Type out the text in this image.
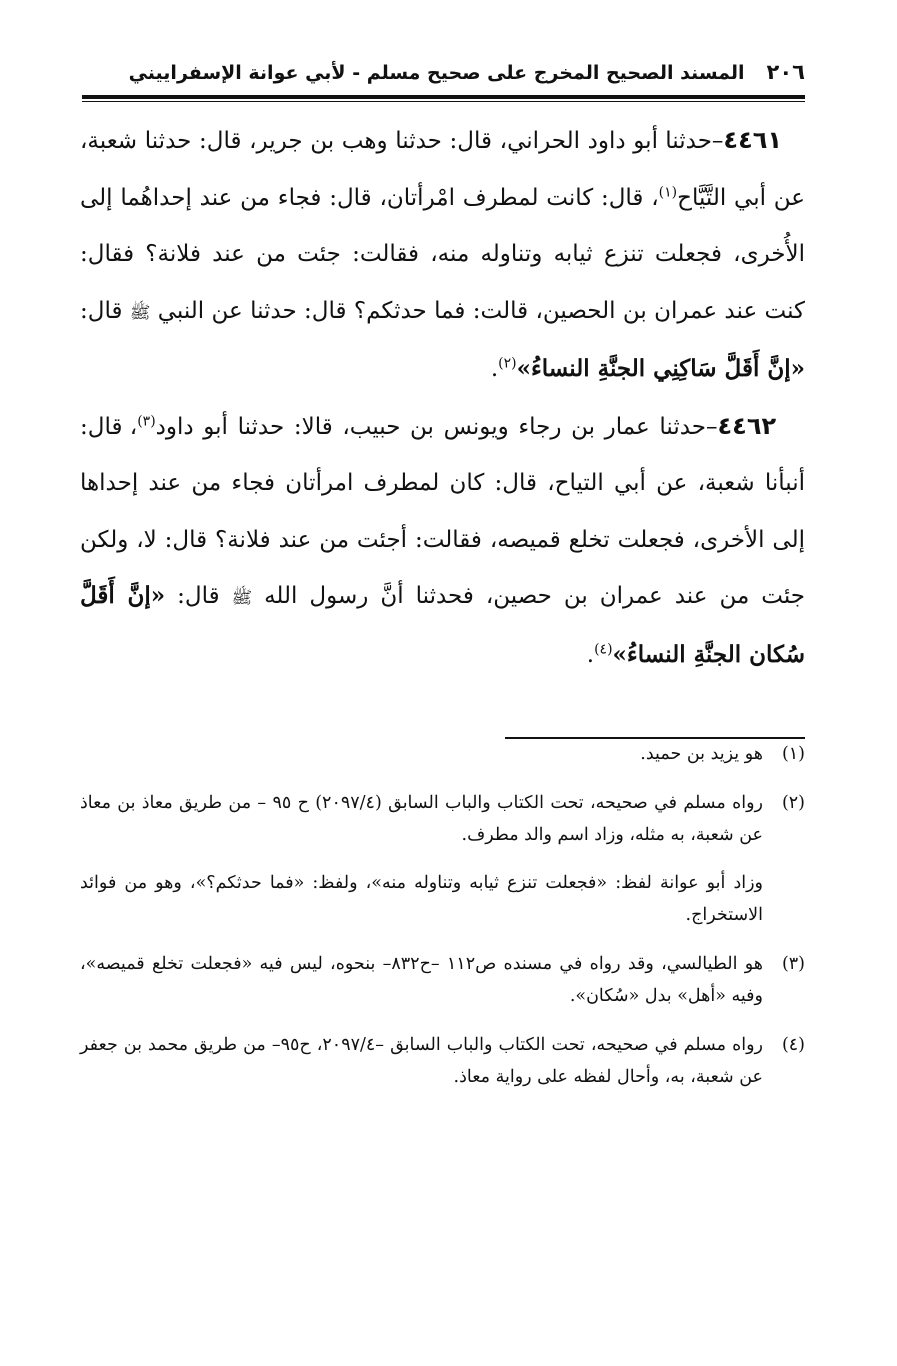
٢٠٦
المسند الصحيح المخرج على صحيح مسلم - لأبي عوانة الإسفراييني

٤٤٦١–حدثنا أبو داود الحراني، قال: حدثنا وهب بن جرير، قال: حدثنا شعبة، عن أبي التَّيَّاح$^{(١)}$، قال: كانت لمطرف امْرأتان، قال: فجاء من عند إحداهُما إلى الأُخرى، فجعلت تنزع ثيابه وتناوله منه، فقالت: جئت من عند فلانة؟ فقال: كنت عند عمران بن الحصين، قالت: فما حدثكم؟ قال: حدثنا عن النبي ﷺ قال: «إنَّ أَقَلَّ سَاكِنِي الجنَّةِ النساءُ»$^{(٢)}$.

٤٤٦٢–حدثنا عمار بن رجاء ويونس بن حبيب، قالا: حدثنا أبو داود$^{(٣)}$، قال: أنبأنا شعبة، عن أبي التياح، قال: كان لمطرف امرأتان فجاء من عند إحداها إلى الأخرى، فجعلت تخلع قميصه، فقالت: أجئت من عند فلانة؟ قال: لا، ولكن جئت من عند عمران بن حصين، فحدثنا أنَّ رسول الله ﷺ قال: «إنَّ أَقَلَّ سُكان الجنَّةِ النساءُ»$^{(٤)}$.

(١)
هو يزيد بن حميد.

(٢)
رواه مسلم في صحيحه، تحت الكتاب والباب السابق (٢٠٩٧/٤) ح ٩٥ – من طريق معاذ بن معاذ عن شعبة، به مثله، وزاد اسم والد مطرف.

وزاد أبو عوانة لفظ: «فجعلت تنزع ثيابه وتناوله منه»، ولفظ: «فما حدثكم؟»، وهو من فوائد الاستخراج.

(٣)
هو الطيالسي، وقد رواه في مسنده ص١١٢ –ح٨٣٢– بنحوه، ليس فيه «فجعلت تخلع قميصه»، وفيه «أهل» بدل «سُكان».

(٤)
رواه مسلم في صحيحه، تحت الكتاب والباب السابق –٢٠٩٧/٤، ح٩٥– من طريق محمد بن جعفر عن شعبة، به، وأحال لفظه على رواية معاذ.
